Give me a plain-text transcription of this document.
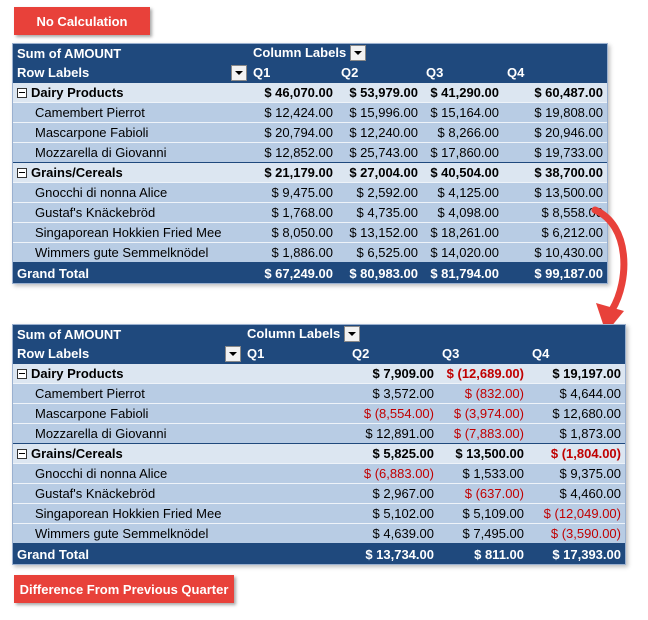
No Calculation
Sum of AMOUNT	Column Labels			
Row Labels	Q1	Q2	Q3	Q4
Dairy Products	$ 46,070.00	$ 53,979.00	$ 41,290.00	$ 60,487.00
Camembert Pierrot	$ 12,424.00	$ 15,996.00	$ 15,164.00	$ 19,808.00
Mascarpone Fabioli	$ 20,794.00	$ 12,240.00	$ 8,266.00	$ 20,946.00
Mozzarella di Giovanni	$ 12,852.00	$ 25,743.00	$ 17,860.00	$ 19,733.00
Grains/Cereals	$ 21,179.00	$ 27,004.00	$ 40,504.00	$ 38,700.00
Gnocchi di nonna Alice	$ 9,475.00	$ 2,592.00	$ 4,125.00	$ 13,500.00
Gustaf's Knäckebröd	$ 1,768.00	$ 4,735.00	$ 4,098.00	$ 8,558.00
Singaporean Hokkien Fried Mee	$ 8,050.00	$ 13,152.00	$ 18,261.00	$ 6,212.00
Wimmers gute Semmelknödel	$ 1,886.00	$ 6,525.00	$ 14,020.00	$ 10,430.00
Grand Total	$ 67,249.00	$ 80,983.00	$ 81,794.00	$ 99,187.00
Sum of AMOUNT	Column Labels			
Row Labels	Q1	Q2	Q3	Q4
Dairy Products		$ 7,909.00	$ (12,689.00)	$ 19,197.00
Camembert Pierrot		$ 3,572.00	$ (832.00)	$ 4,644.00
Mascarpone Fabioli		$ (8,554.00)	$ (3,974.00)	$ 12,680.00
Mozzarella di Giovanni		$ 12,891.00	$ (7,883.00)	$ 1,873.00
Grains/Cereals		$ 5,825.00	$ 13,500.00	$ (1,804.00)
Gnocchi di nonna Alice		$ (6,883.00)	$ 1,533.00	$ 9,375.00
Gustaf's Knäckebröd		$ 2,967.00	$ (637.00)	$ 4,460.00
Singaporean Hokkien Fried Mee		$ 5,102.00	$ 5,109.00	$ (12,049.00)
Wimmers gute Semmelknödel		$ 4,639.00	$ 7,495.00	$ (3,590.00)
Grand Total		$ 13,734.00	$ 811.00	$ 17,393.00
Difference From Previous Quarter
